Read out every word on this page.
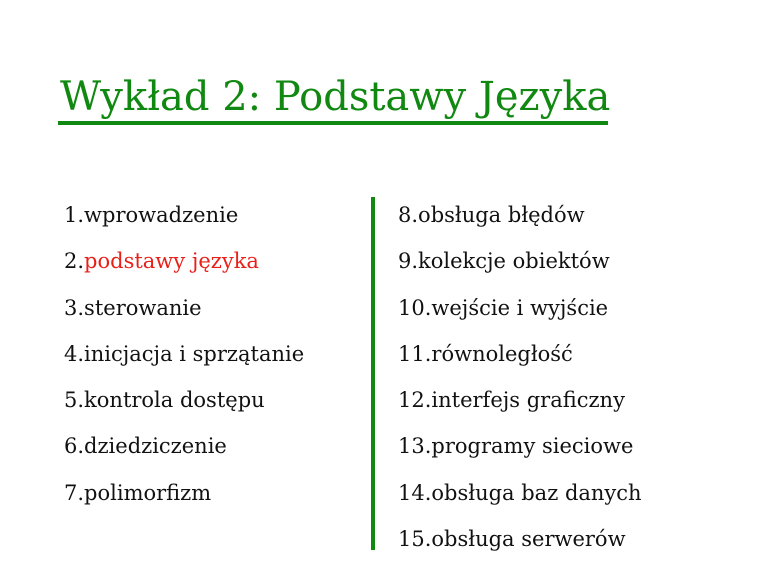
Wykład 2: Podstawy Języka
1.wprowadzenie
2.podstawy języka
3.sterowanie
4.inicjacja i sprzątanie
5.kontrola dostępu
6.dziedziczenie
7.polimorfizm
8.obsługa błędów
9.kolekcje obiektów
10.wejście i wyjście
11.równoległość
12.interfejs graficzny
13.programy sieciowe
14.obsługa baz danych
15.obsługa serwerów
